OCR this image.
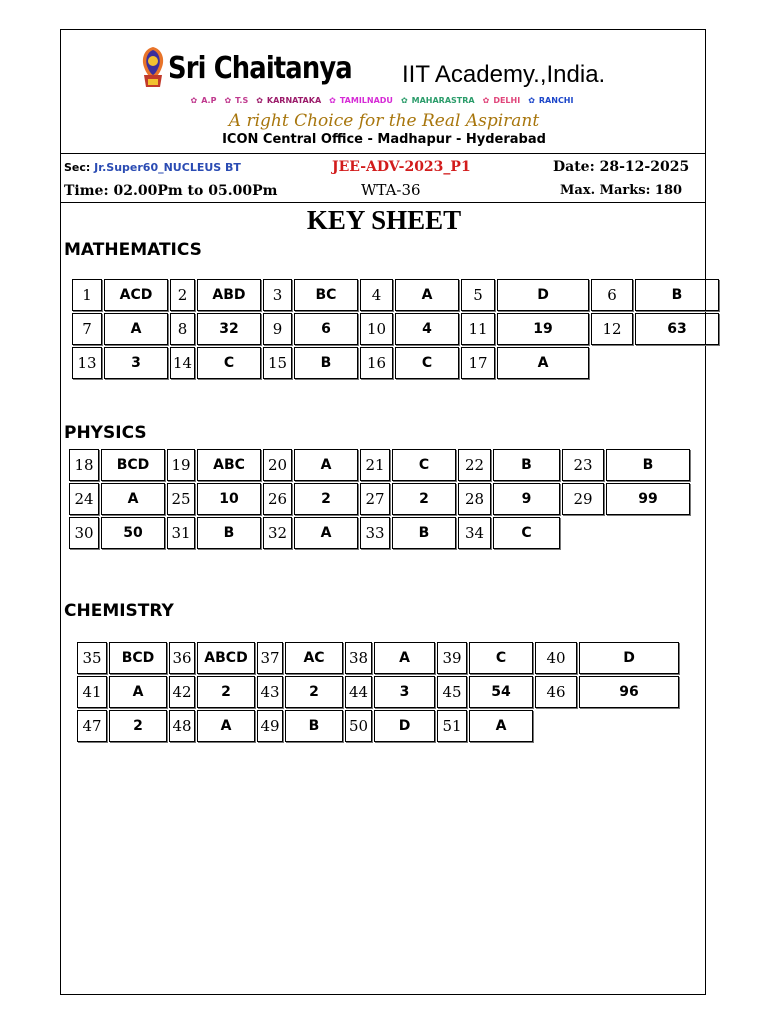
Sri Chaitanya IIT Academy.,India.
✿ A.P ✿ T.S ✿ KARNATAKA ✿ TAMILNADU ✿ MAHARASTRA ✿ DELHI ✿ RANCHI
A right Choice for the Real Aspirant
ICON Central Office - Madhapur - Hyderabad
Sec: Jr.Super60_NUCLEUS BT	JEE-ADV-2023_P1	Date: 28-12-2025
Time: 02.00Pm to 05.00Pm	WTA-36	Max. Marks: 180
KEY SHEET
MATHEMATICS
PHYSICS
CHEMISTRY
1	ACD	2	ABD	3	BC	4	A	5	D	6	B
7	A	8	32	9	6	10	4	11	19	12	63
13	3	14	C	15	B	16	C	17	A		
18	BCD	19	ABC	20	A	21	C	22	B	23	B
24	A	25	10	26	2	27	2	28	9	29	99
30	50	31	B	32	A	33	B	34	C		
35	BCD	36	ABCD	37	AC	38	A	39	C	40	D
41	A	42	2	43	2	44	3	45	54	46	96
47	2	48	A	49	B	50	D	51	A		
